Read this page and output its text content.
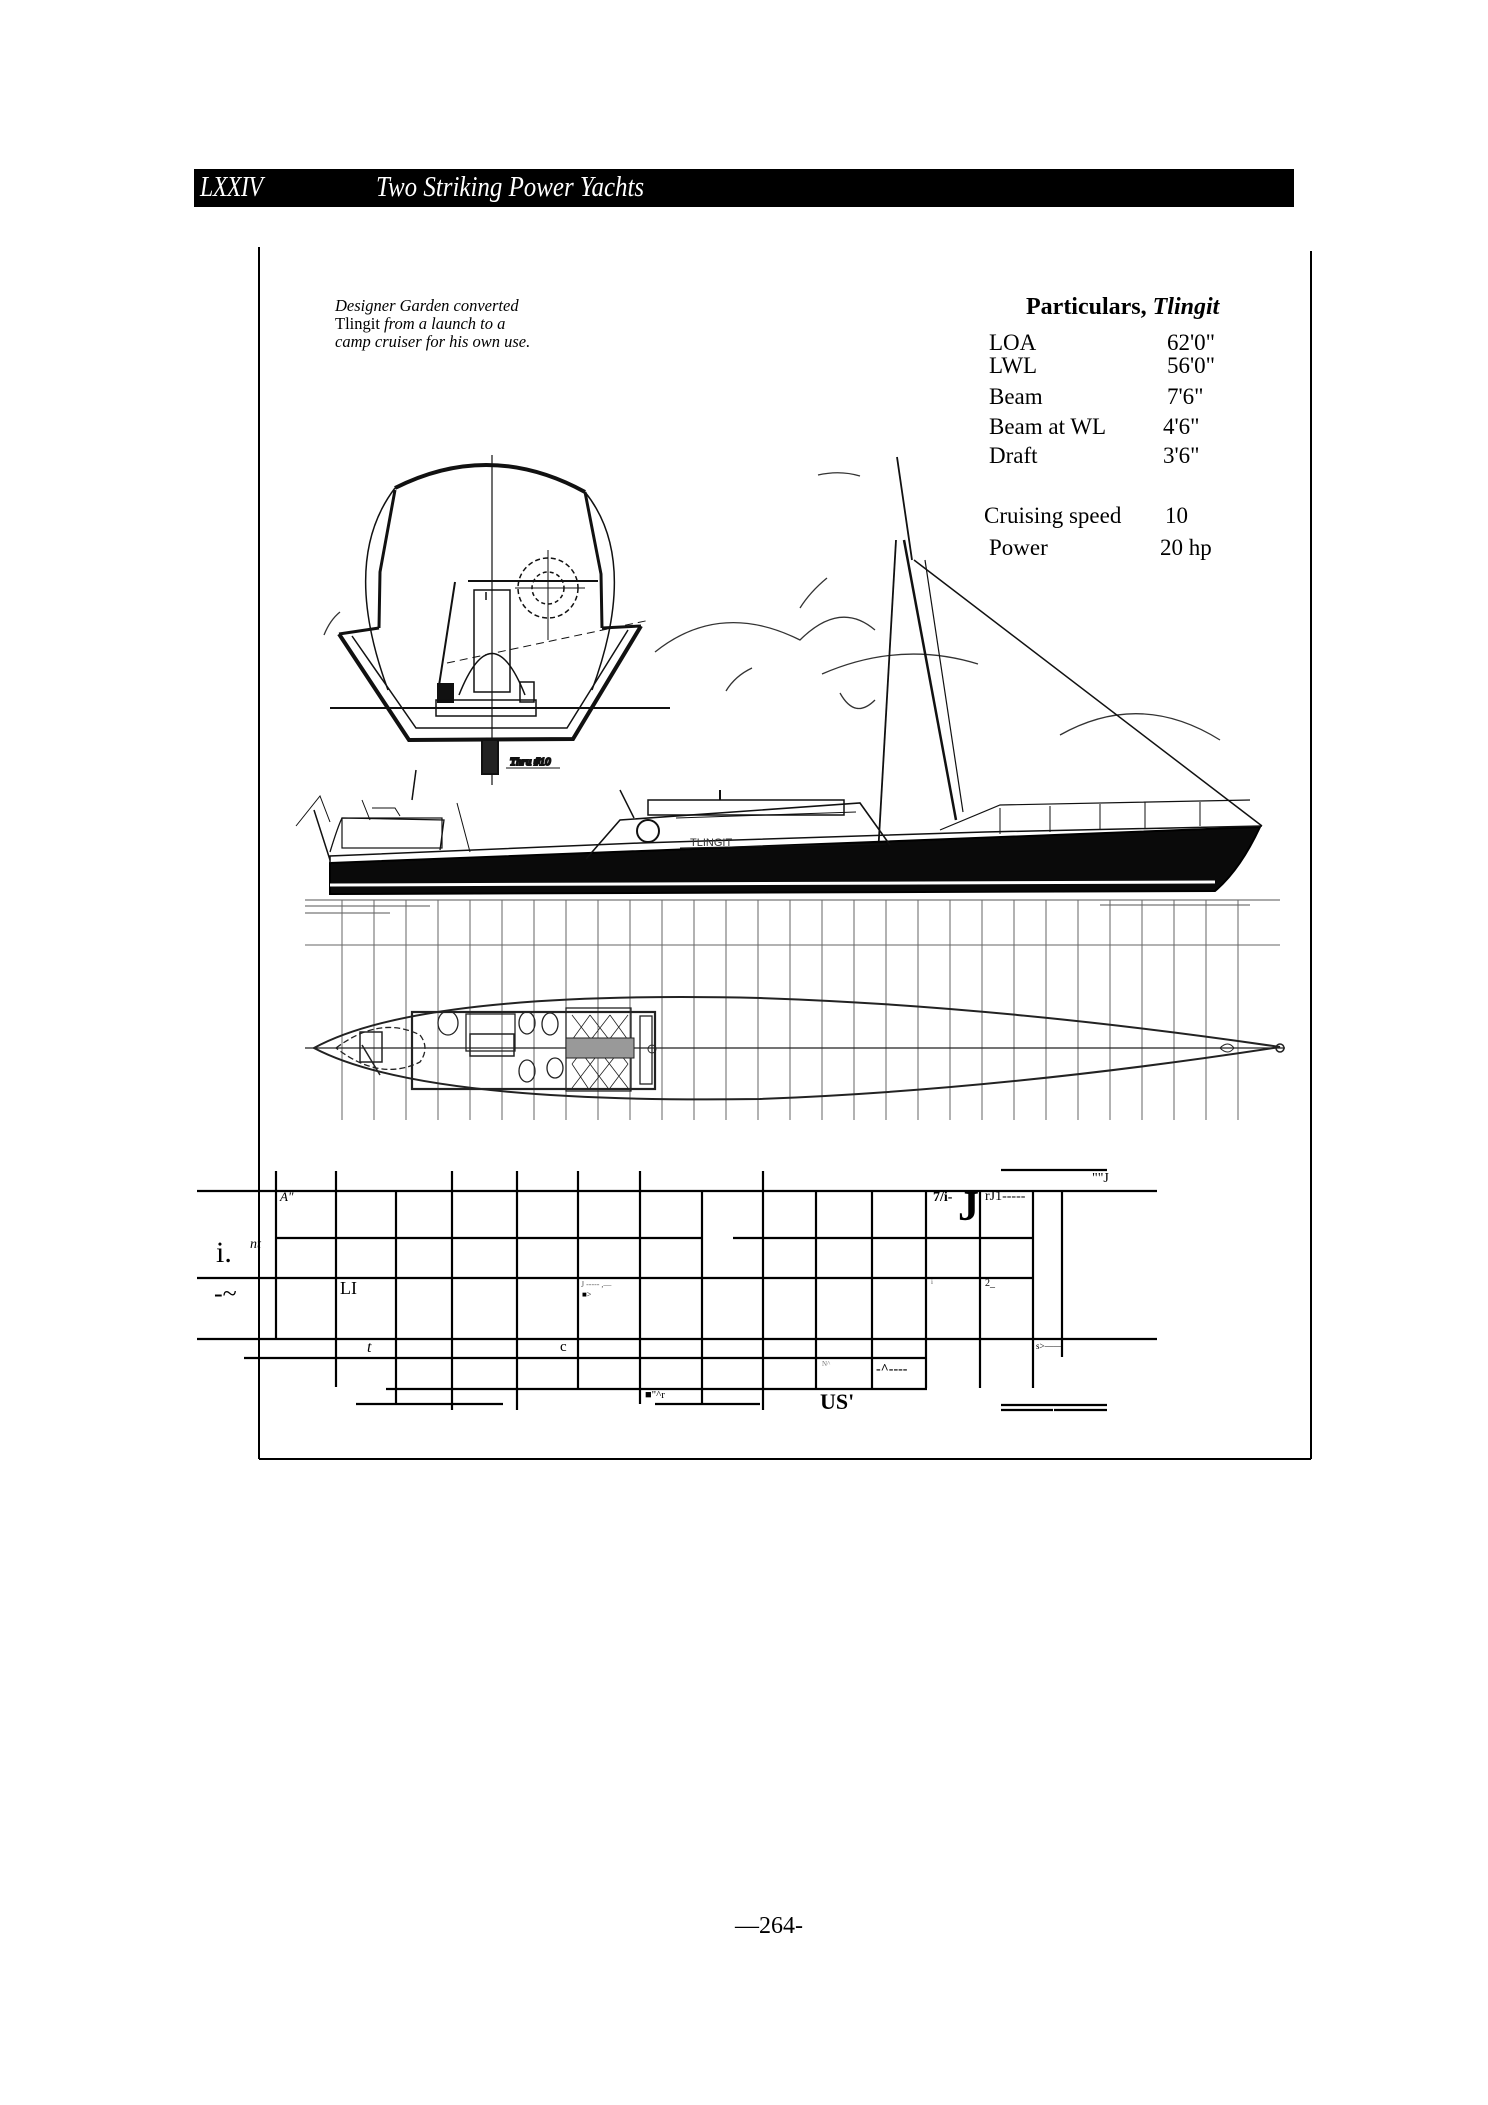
LXXIV	Two Striking Power Yachts
Thru #10
TLINGIT
Designer Garden converted
Tlingit from a launch to a
camp cruiser for his own use.
Particulars, Tlingit
LOA	62'0"
LWL	56'0"
Beam	7'6"
Beam at WL 4'6"
Draft	3'6"
Cruising speed 10
Power	20 hp
A"
i. nt
-~	LI	J ----- ,—
■>
t	c
■"^r
7/i- J rJ1-----
""J
i	2_
s>——
N^	-^----
US'
—264-
